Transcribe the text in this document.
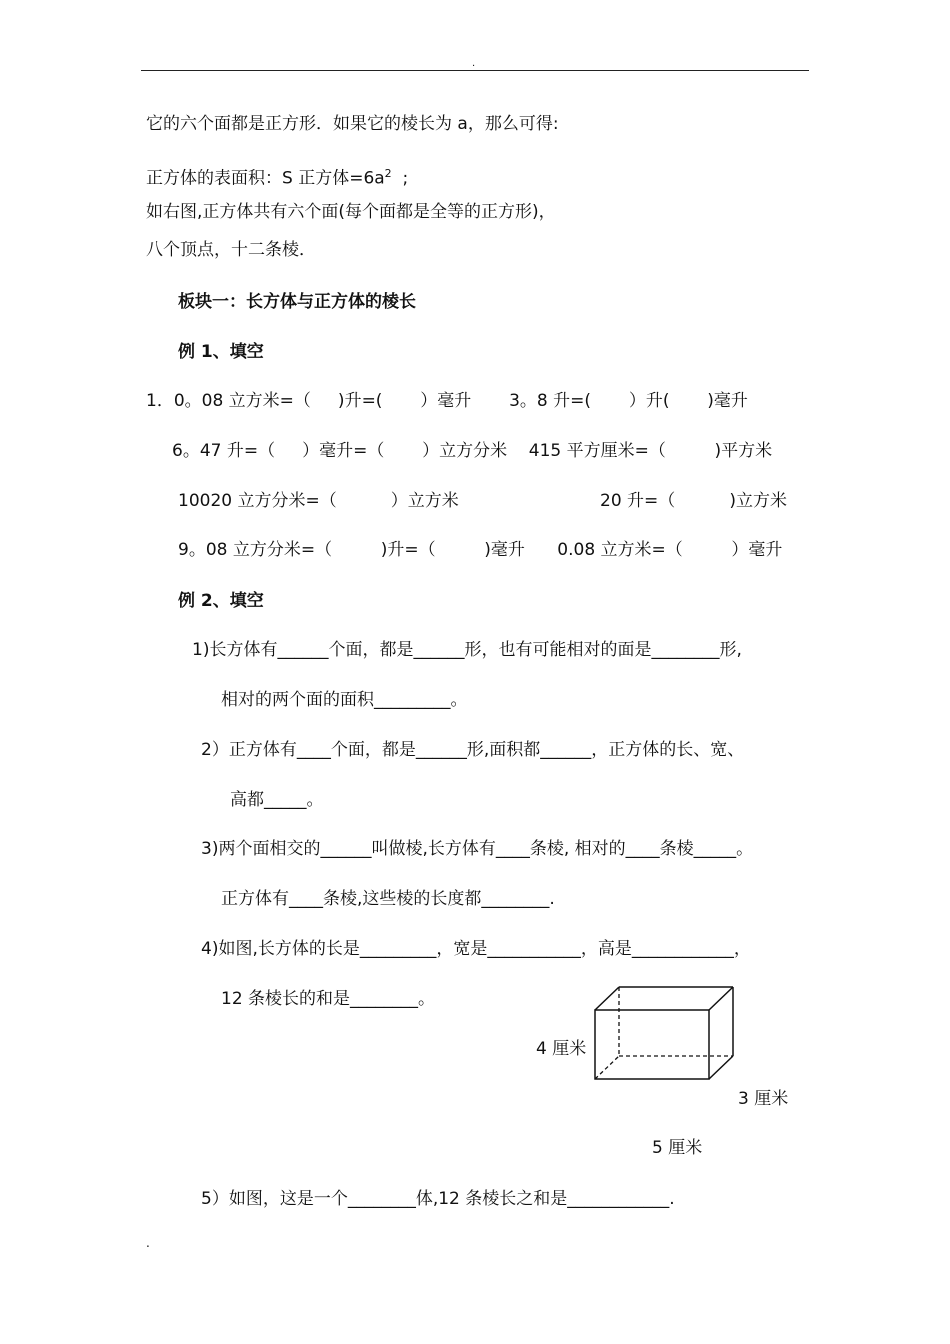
.
它的六个面都是正方形．如果它的棱长为 a，那么可得:
正方体的表面积：S 正方体$=6a^2$  ;
如右图,正方体共有六个面(每个面都是全等的正方形)，
八个顶点，十二条棱．
板块一：长方体与正方体的棱长
例 1、填空
1．0。08 立方米=（     )升=(       ）毫升       3。8 升=(       ）升(       )毫升
6。47 升=（     ）毫升=（       ）立方分米    415 平方厘米=（         )平方米
10020 立方分米=（          ）立方米	20 升=（          )立方米
9。08 立方分米=（         )升=（         )毫升      0.08 立方米=（         ）毫升
例 2、填空
1)长方体有______个面，都是______形，也有可能相对的面是________形,
相对的两个面的面积_________。
2）正方体有____个面，都是______形,面积都______，正方体的长、宽、
高都_____。
3)两个面相交的______叫做棱,长方体有____条棱, 相对的____条棱_____。
正方体有____条棱,这些棱的长度都________.
4)如图,长方体的长是_________，宽是___________，高是____________，
12 条棱长的和是________。
4 厘米
3 厘米
5 厘米
5）如图，这是一个________体,12 条棱长之和是____________.
.
